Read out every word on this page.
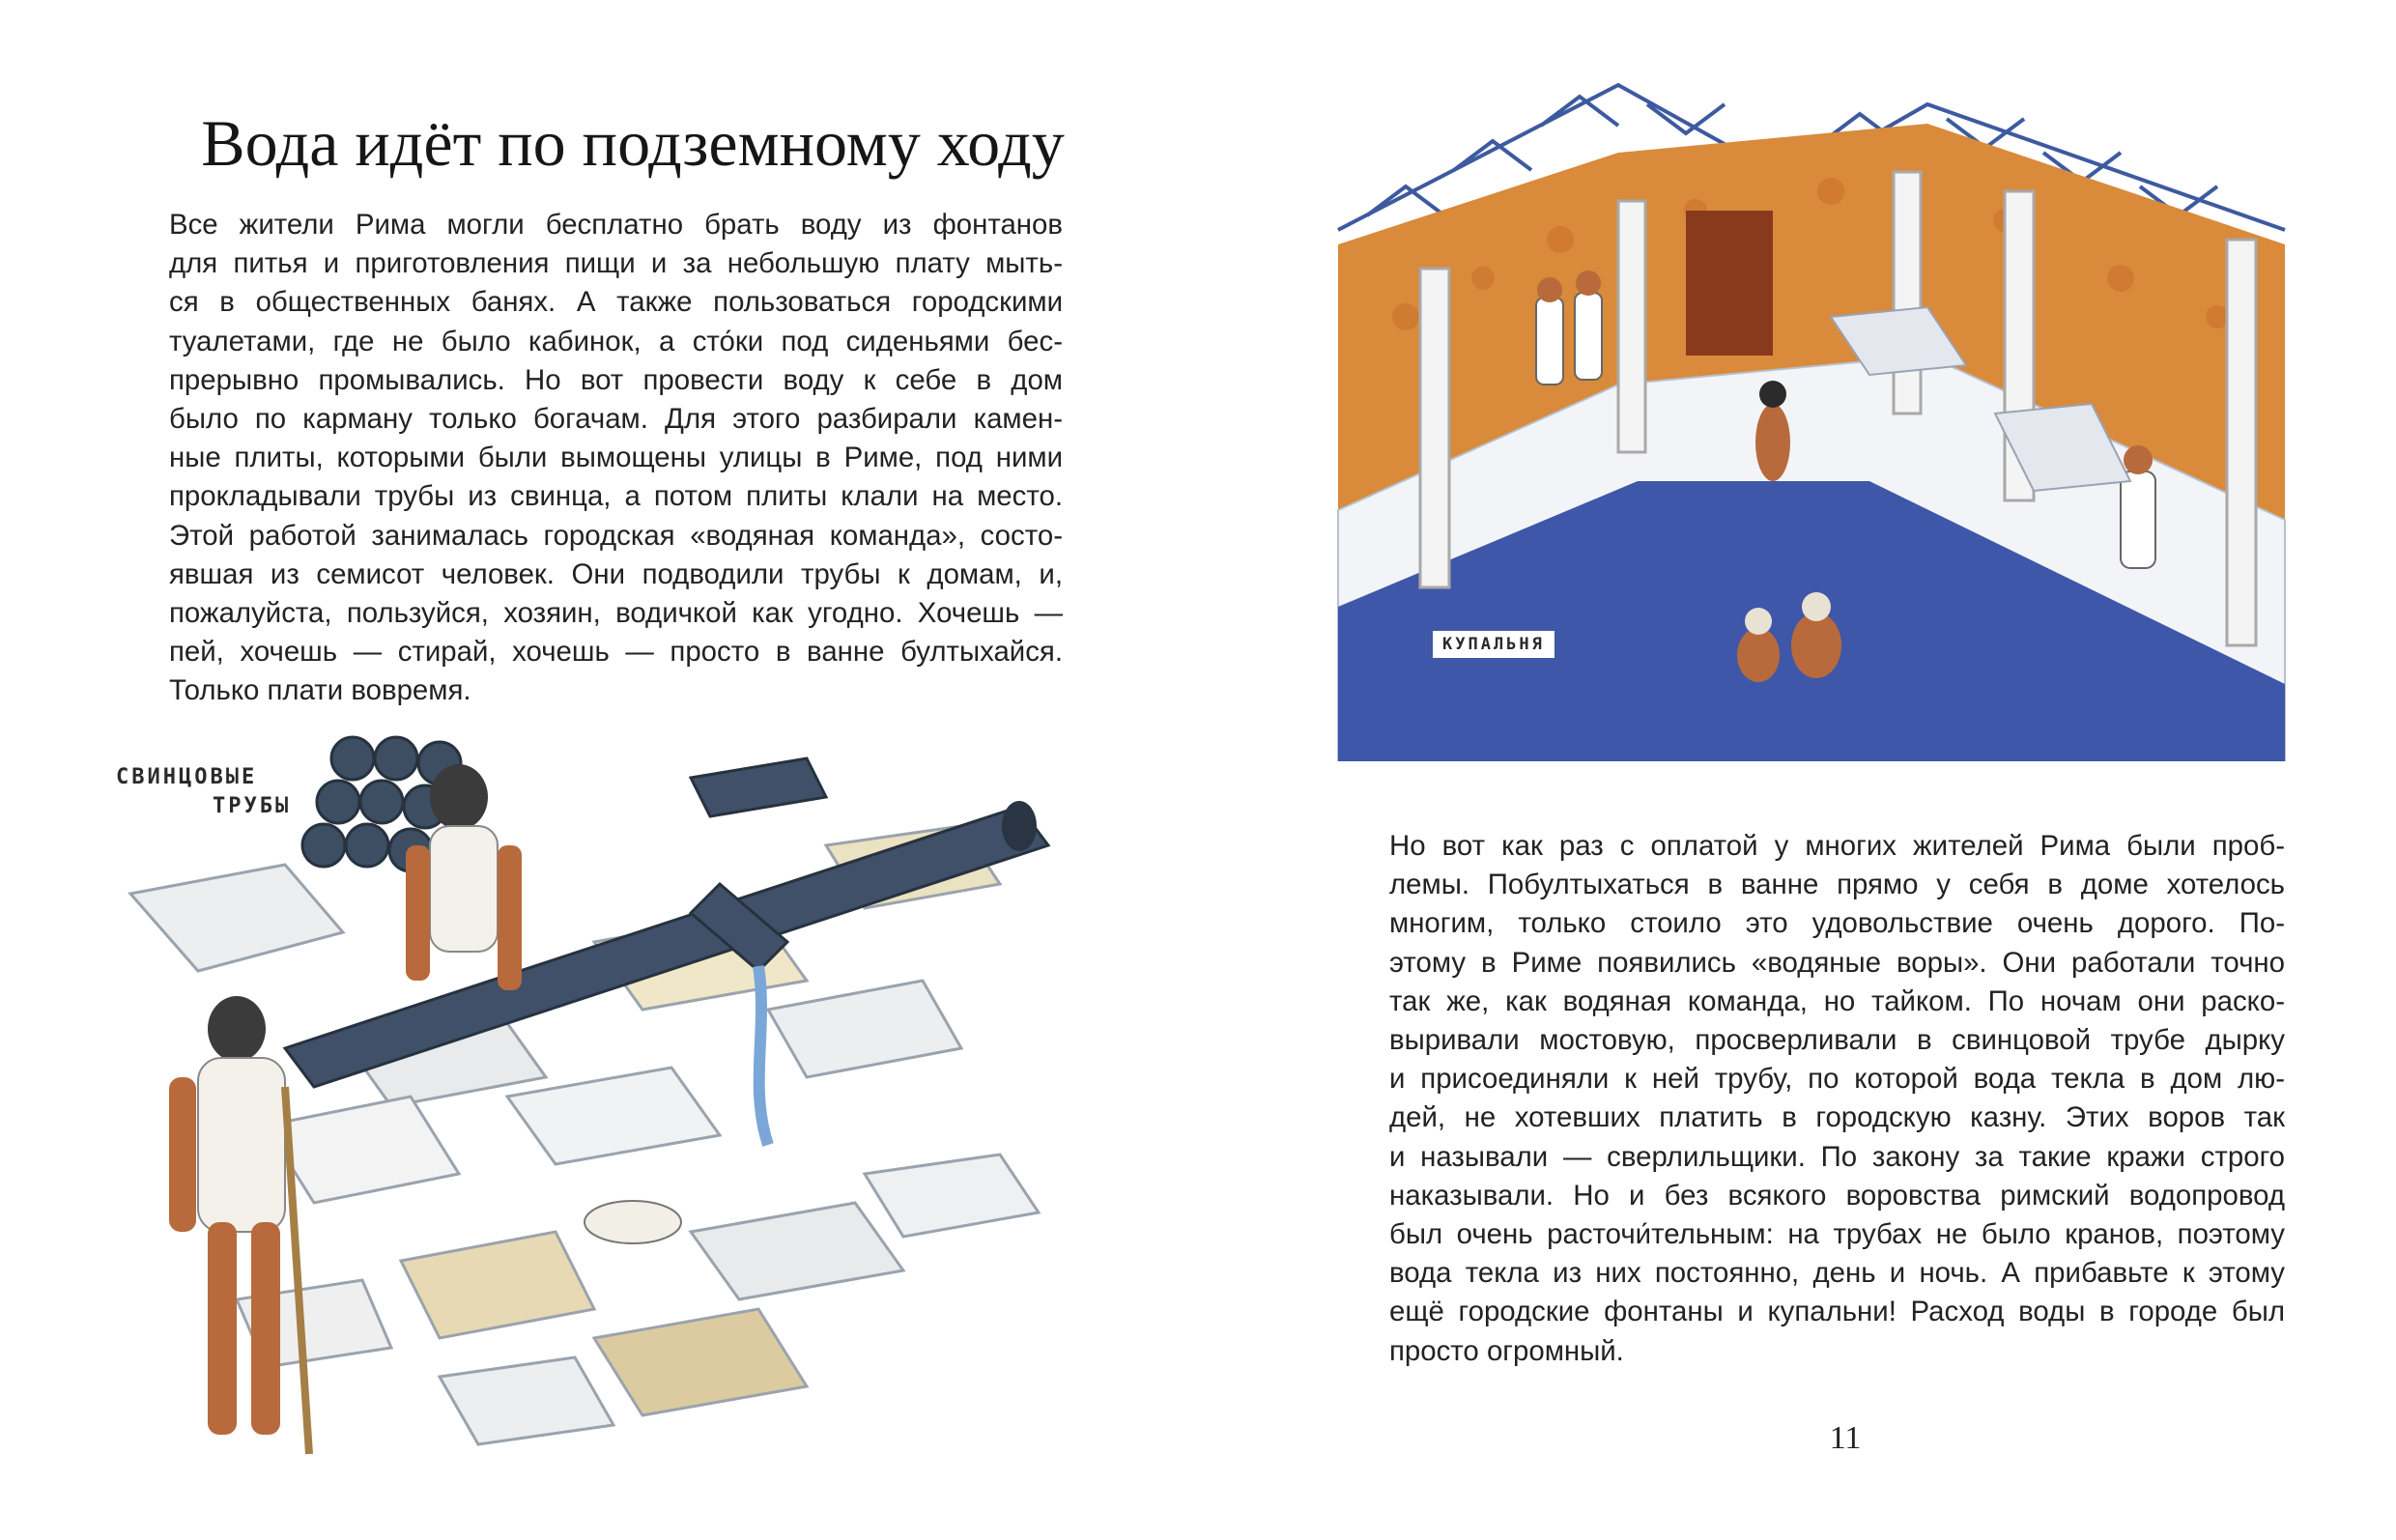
Вода идёт по подземному ходу

Все жители Рима могли бесплатно брать воду из фонтанов
для питья и приготовления пищи и за небольшую плату мыть-
ся в общественных банях. А также пользоваться городскими
туалетами, где не было кабинок, а сто́ки под сиденьями бес-
прерывно промывались. Но вот провести воду к себе в дом
было по карману только богачам. Для этого разбирали камен-
ные плиты, которыми были вымощены улицы в Риме, под ними
прокладывали трубы из свинца, а потом плиты клали на место.
Этой работой занималась городская «водяная команда», состо-
явшая из семисот человек. Они подводили трубы к домам, и,
пожалуйста, пользуйся, хозяин, водичкой как угодно. Хочешь —
пей, хочешь — стирай, хочешь — просто в ванне бултыхайся.
Только плати вовремя.

СВИНЦОВЫЕ
ТРУБЫ
КУПАЛЬНЯ

Но вот как раз с оплатой у многих жителей Рима были проб-
лемы. Побултыхаться в ванне прямо у себя в доме хотелось
многим, только стоило это удовольствие очень дорого. По-
этому в Риме появились «водяные воры». Они работали точно
так же, как водяная команда, но тайком. По ночам они раско-
выривали мостовую, просверливали в свинцовой трубе дырку
и присоединяли к ней трубу, по которой вода текла в дом лю-
дей, не хотевших платить в городскую казну. Этих воров так
и называли — сверлильщики. По закону за такие кражи строго
наказывали. Но и без всякого воровства римский водопровод
был очень расточи́тельным: на трубах не было кранов, поэтому
вода текла из них постоянно, день и ночь. А прибавьте к этому
ещё городские фонтаны и купальни! Расход воды в городе был
просто огромный.

11
